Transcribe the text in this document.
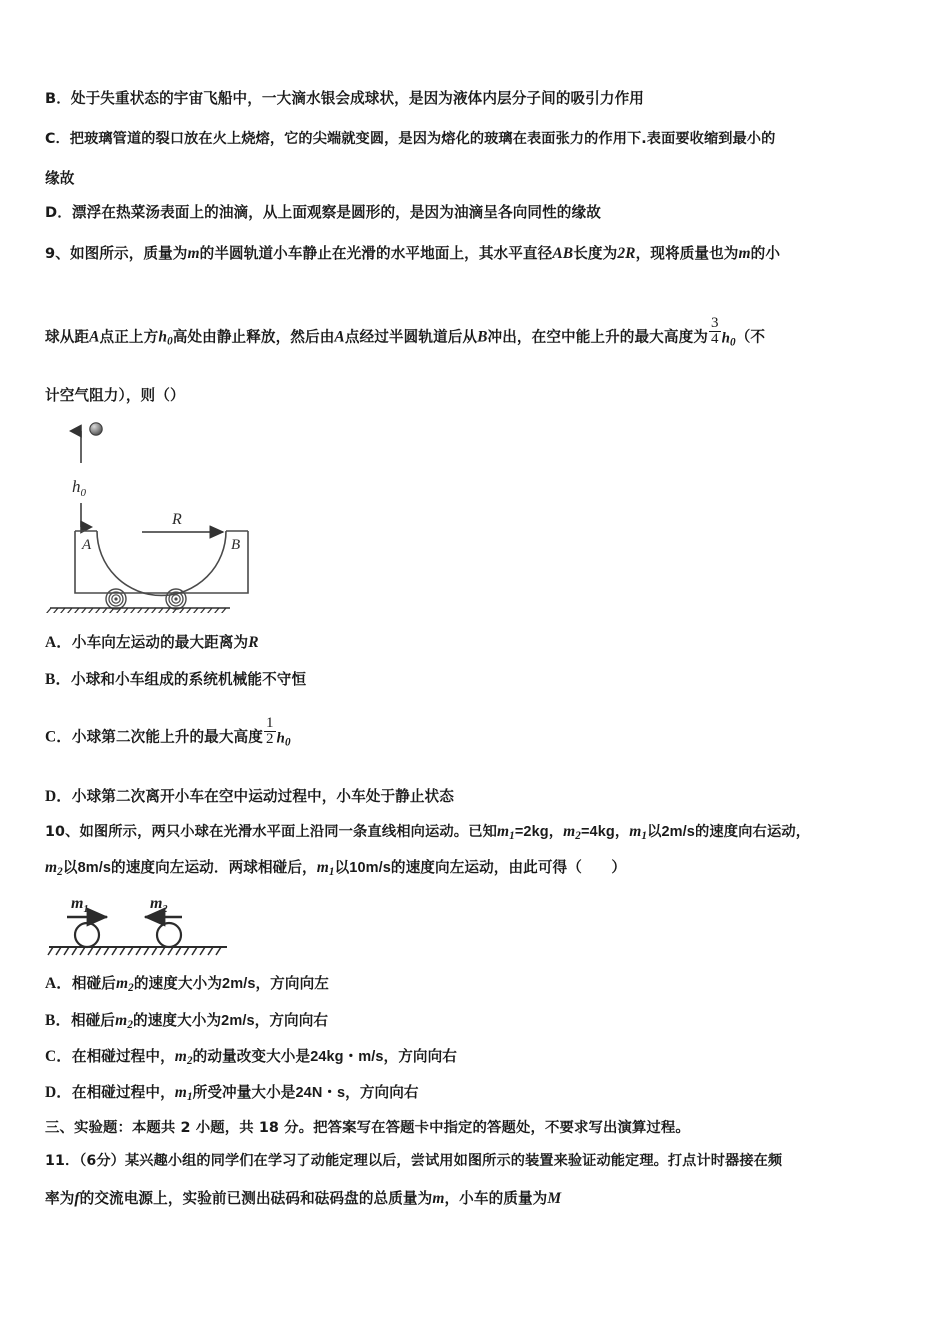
B．处于失重状态的宇宙飞船中，一大滴水银会成球状，是因为液体内层分子间的吸引力作用
C．把玻璃管道的裂口放在火上烧熔，它的尖端就变圆，是因为熔化的玻璃在表面张力的作用下.表面要收缩到最小的
缘故
D．漂浮在热菜汤表面上的油滴，从上面观察是圆形的，是因为油滴呈各向同性的缘故
9、如图所示，质量为m的半圆轨道小车静止在光滑的水平地面上，其水平直径AB长度为2R，现将质量也为m的小
球从距A点正上方$h_0$高处由静止释放，然后由A点经过半圆轨道后从B冲出，在空中能上升的最大高度为 $\frac{3}{4} h_0$（不
计空气阻力），则（）
$h_0$
A	B
R
A．小车向左运动的最大距离为R
B．小球和小车组成的系统机械能不守恒
C．小球第二次能上升的最大高度 $\frac{1}{2} h_0$
D．小球第二次离开小车在空中运动过程中，小车处于静止状态
10、如图所示，两只小球在光滑水平面上沿同一条直线相向运动。已知$m_1=2kg$，$m_2=4kg$，$m_1$以2m/s的速度向右运动，
$m_2$以8m/s的速度向左运动．两球相碰后，$m_1$以10m/s的速度向左运动，由此可得（　　）
$m_1$	$m_2$
A．相碰后$m_2$的速度大小为2m/s，方向向左
B．相碰后$m_2$的速度大小为2m/s，方向向右
C．在相碰过程中，$m_2$的动量改变大小是24kg・m/s，方向向右
D．在相碰过程中，$m_1$所受冲量大小是24N・s，方向向右
三、实验题：本题共 2 小题，共 18 分。把答案写在答题卡中指定的答题处，不要求写出演算过程。
11．（6分）某兴趣小组的同学们在学习了动能定理以后，尝试用如图所示的装置来验证动能定理。打点计时器接在频
率为f的交流电源上，实验前已测出砝码和砝码盘的总质量为m，小车的质量为M
